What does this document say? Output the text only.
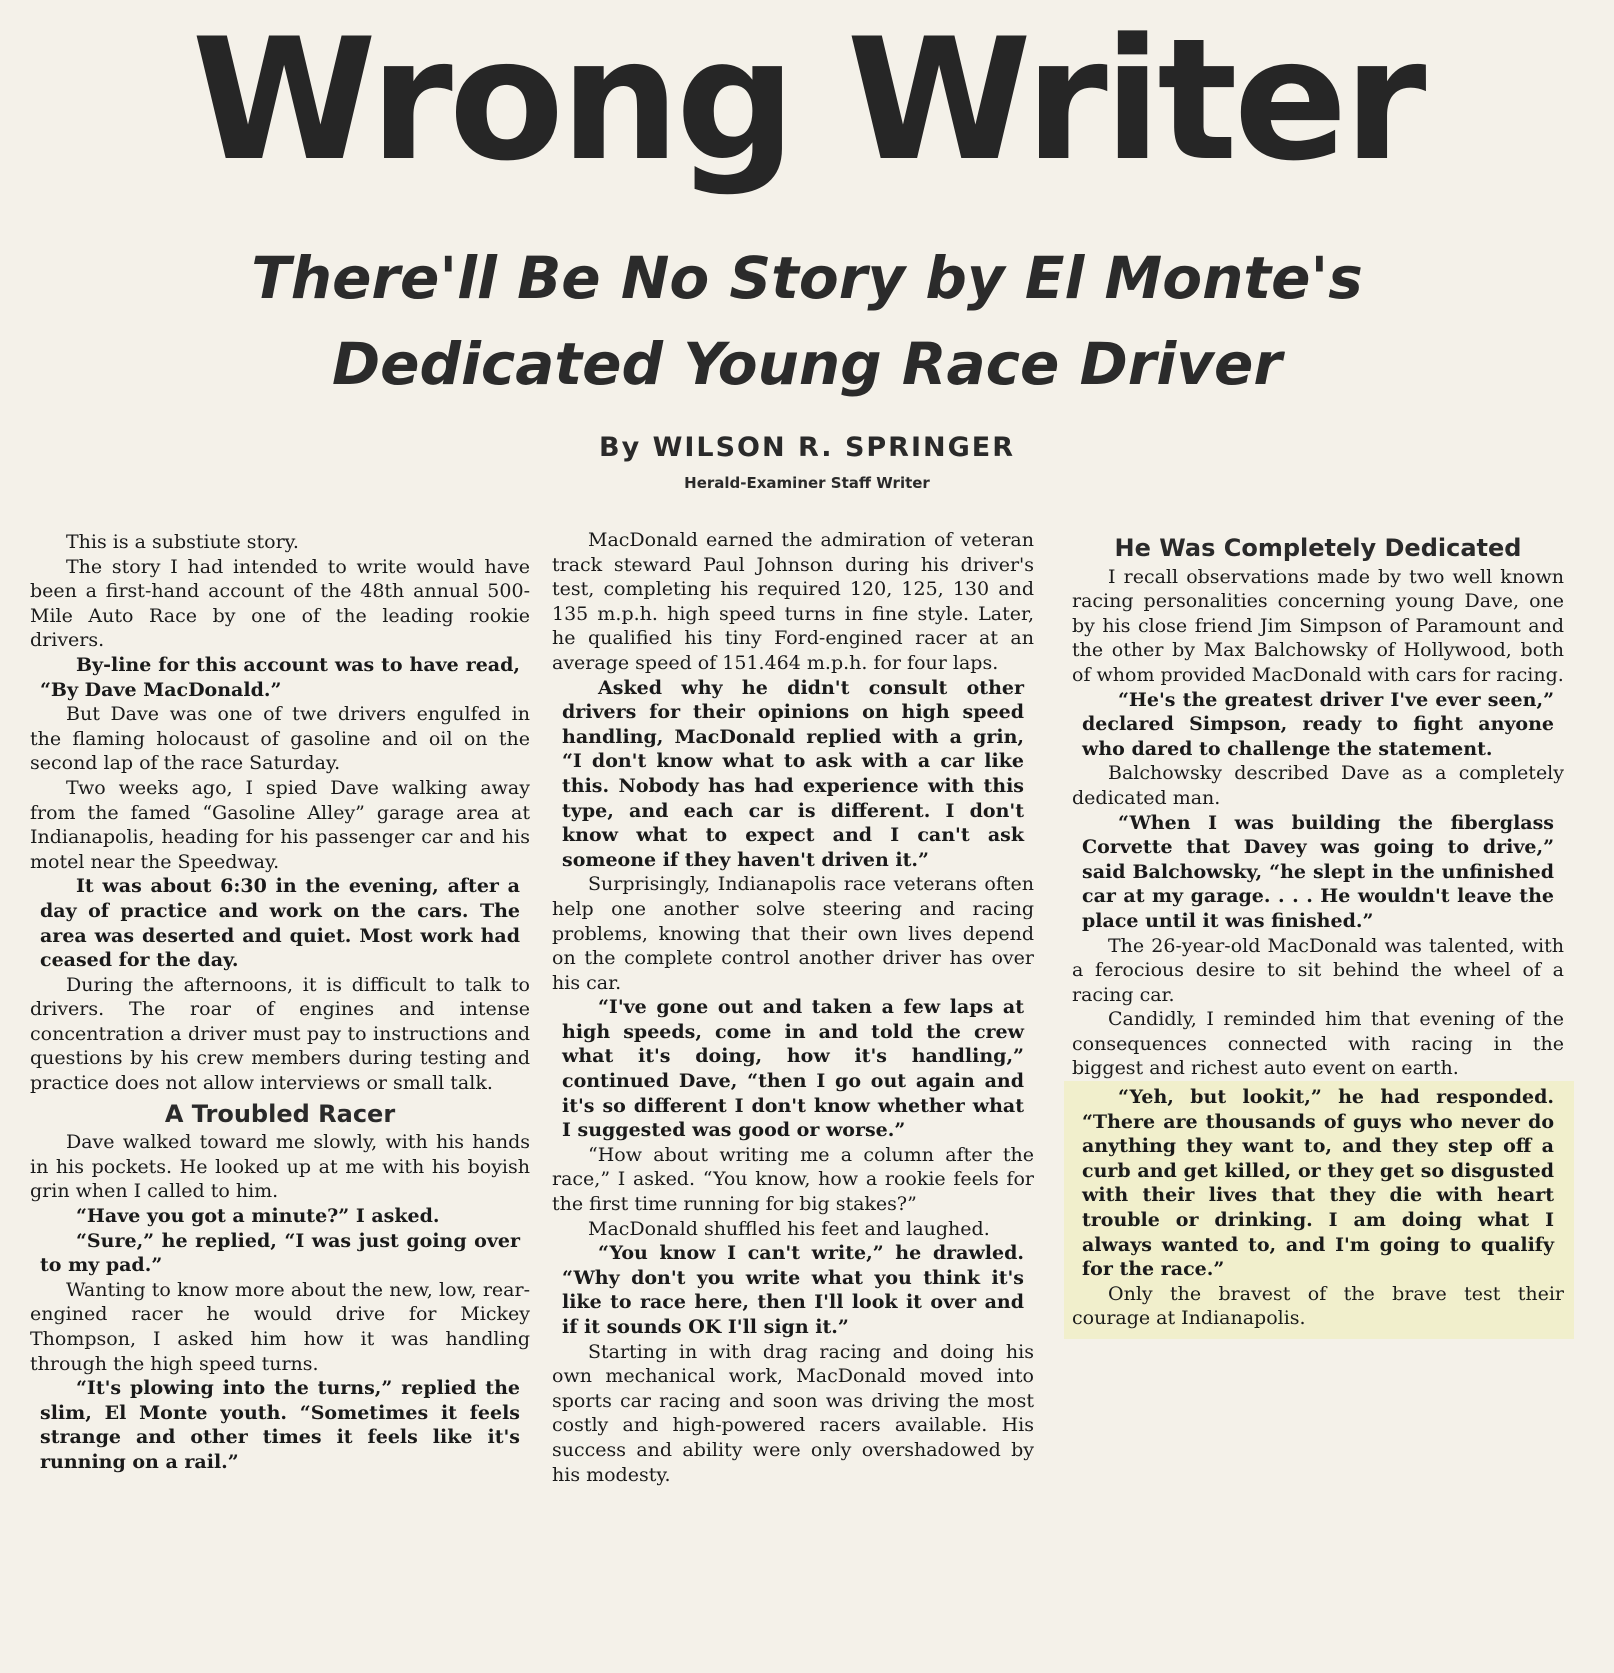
Wrong Writer
There'll Be No Story by El Monte's
Dedicated Young Race Driver
By WILSON R. SPRINGER
Herald-Examiner Staff Writer

This is a substiute story.

The story I had intended to write would have been a first-hand account of the 48th annual 500-Mile Auto Race by one of the leading rookie drivers.

By-line for this account was to have read, “By Dave MacDonald.”

But Dave was one of twe drivers engulfed in the flaming holocaust of gasoline and oil on the second lap of the race Saturday.

Two weeks ago, I spied Dave walking away from the famed “Gasoline Alley” garage area at Indianapolis, heading for his passenger car and his motel near the Speedway.

It was about 6:30 in the evening, after a day of practice and work on the cars. The area was deserted and quiet. Most work had ceased for the day.

During the afternoons, it is difficult to talk to drivers. The roar of engines and intense concentration a driver must pay to instructions and questions by his crew members during testing and practice does not allow interviews or small talk.

A Troubled Racer

Dave walked toward me slowly, with his hands in his pockets. He looked up at me with his boyish grin when I called to him.

“Have you got a minute?” I asked.

“Sure,” he replied, “I was just going over to my pad.”

Wanting to know more about the new, low, rear-engined racer he would drive for Mickey Thompson, I asked him how it was handling through the high speed turns.

“It's plowing into the turns,” replied the slim, El Monte youth. “Sometimes it feels strange and other times it feels like it's running on a rail.”

MacDonald earned the admiration of veteran track steward Paul Johnson during his driver's test, completing his required 120, 125, 130 and 135 m.p.h. high speed turns in fine style. Later, he qualified his tiny Ford-engined racer at an average speed of 151.464 m.p.h. for four laps.

Asked why he didn't consult other drivers for their opinions on high speed handling, MacDonald replied with a grin, “I don't know what to ask with a car like this. Nobody has had experience with this type, and each car is different. I don't know what to expect and I can't ask someone if they haven't driven it.”

Surprisingly, Indianapolis race veterans often help one another solve steering and racing problems, knowing that their own lives depend on the complete control another driver has over his car.

“I've gone out and taken a few laps at high speeds, come in and told the crew what it's doing, how it's handling,” continued Dave, “then I go out again and it's so different I don't know whether what I suggested was good or worse.”

“How about writing me a column after the race,” I asked. “You know, how a rookie feels for the first time running for big stakes?”

MacDonald shuffled his feet and laughed.

“You know I can't write,” he drawled. “Why don't you write what you think it's like to race here, then I'll look it over and if it sounds OK I'll sign it.”

Starting in with drag racing and doing his own mechanical work, MacDonald moved into sports car racing and soon was driving the most costly and high-powered racers available. His success and ability were only overshadowed by his modesty.

He Was Completely Dedicated

I recall observations made by two well known racing personalities concerning young Dave, one by his close friend Jim Simpson of Paramount and the other by Max Balchowsky of Hollywood, both of whom provided MacDonald with cars for racing.

“He's the greatest driver I've ever seen,” declared Simpson, ready to fight anyone who dared to challenge the statement.

Balchowsky described Dave as a completely dedicated man.

“When I was building the fiberglass Corvette that Davey was going to drive,” said Balchowsky, “he slept in the unfinished car at my garage. . . . He wouldn't leave the place until it was finished.”

The 26-year-old MacDonald was talented, with a ferocious desire to sit behind the wheel of a racing car.

Candidly, I reminded him that evening of the consequences connected with racing in the biggest and richest auto event on earth.

“Yeh, but lookit,” he had responded. “There are thousands of guys who never do anything they want to, and they step off a curb and get killed, or they get so disgusted with their lives that they die with heart trouble or drinking. I am doing what I always wanted to, and I'm going to qualify for the race.”

Only the bravest of the brave test their courage at Indianapolis.
